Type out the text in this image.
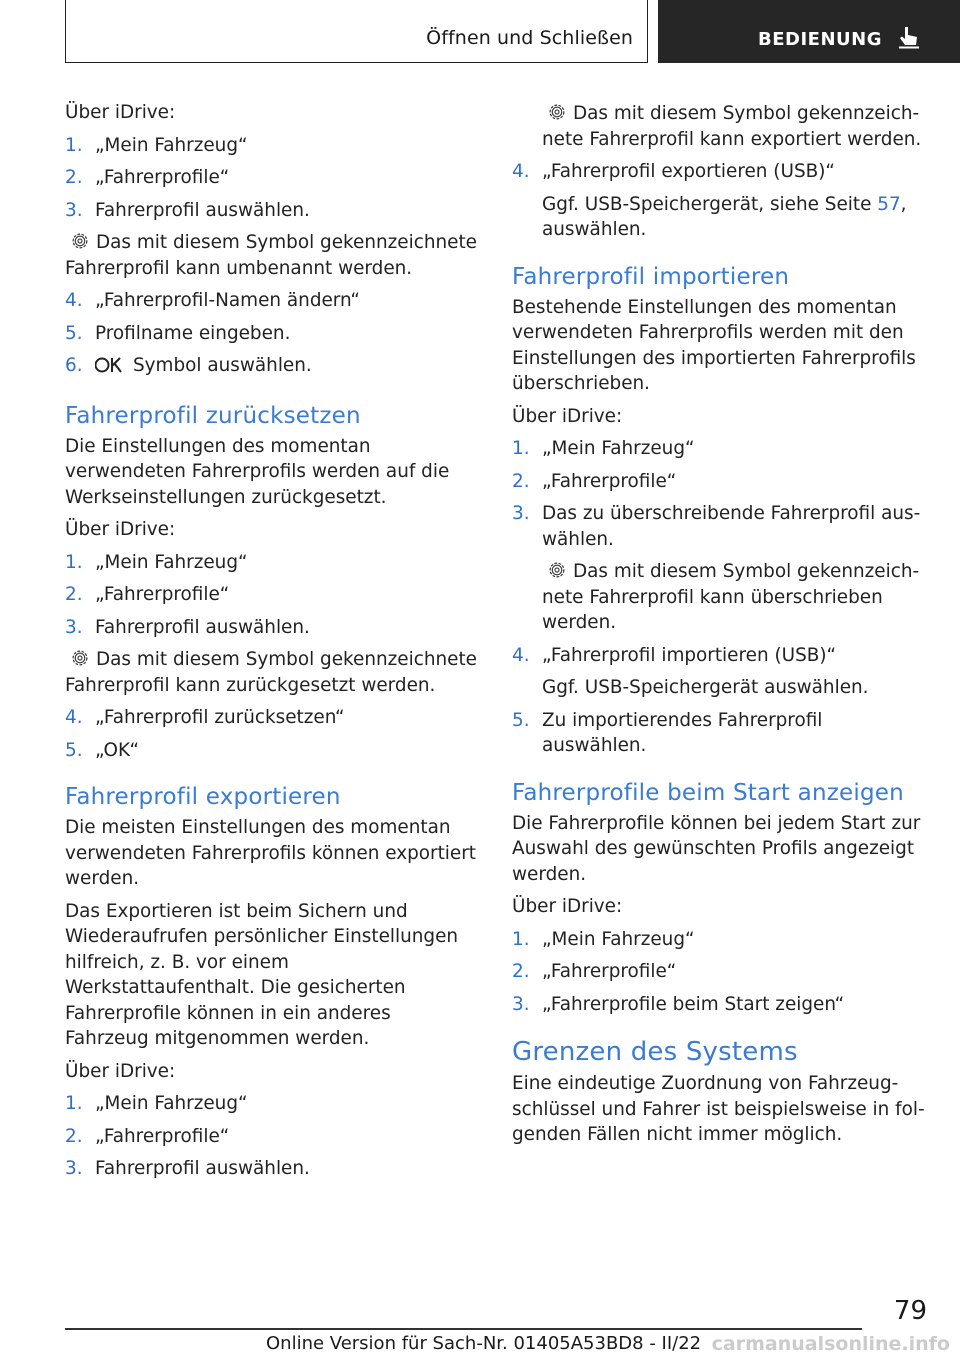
Öffnen und Schließen	BEDIENUNG

Über iDrive:

1. „Mein Fahrzeug“
2. „Fahrerprofile“
3. Fahrerprofil auswählen.

Das mit diesem Symbol gekennzeichnete Fahrerprofil kann umbenannt werden.

4. „Fahrerprofil-Namen ändern“
5. Profilname eingeben.
6.	Symbol auswählen.
Fahrerprofil zurücksetzen

Die Einstellungen des momentan verwendeten Fahrerprofils werden auf die Werkseinstellungen zurückgesetzt.

Über iDrive:

1. „Mein Fahrzeug“
2. „Fahrerprofile“
3. Fahrerprofil auswählen.

Das mit diesem Symbol gekennzeichnete Fahrerprofil kann zurückgesetzt werden.

4. „Fahrerprofil zurücksetzen“
5. „OK“
Fahrerprofil exportieren

Die meisten Einstellungen des momentan verwendeten Fahrerprofils können exportiert werden.

Das Exportieren ist beim Sichern und Wiederaufrufen persönlicher Einstellungen hilfreich, z. B. vor einem Werkstattaufenthalt. Die gesicherten Fahrerprofile können in ein anderes Fahrzeug mitgenommen werden.

Über iDrive:

1. „Mein Fahrzeug“
2. „Fahrerprofile“
3. Fahrerprofil auswählen.

Das mit diesem Symbol gekennzeichnete Fahrerprofil kann exportiert werden.

4. „Fahrerprofil exportieren (USB)“

Ggf. USB-Speichergerät, siehe Seite 57, auswählen.

Fahrerprofil importieren

Bestehende Einstellungen des momentan verwendeten Fahrerprofils werden mit den Einstellungen des importierten Fahrerprofils überschrieben.

Über iDrive:

1. „Mein Fahrzeug“
2. „Fahrerprofile“
3. Das zu überschreibende Fahrerprofil auswählen.

Das mit diesem Symbol gekennzeichnete Fahrerprofil kann überschrieben werden.

4. „Fahrerprofil importieren (USB)“

Ggf. USB-Speichergerät auswählen.

5. Zu importierendes Fahrerprofil auswählen.
Fahrerprofile beim Start anzeigen

Die Fahrerprofile können bei jedem Start zur Auswahl des gewünschten Profils angezeigt werden.

Über iDrive:

1. „Mein Fahrzeug“
2. „Fahrerprofile“
3. „Fahrerprofile beim Start zeigen“
Grenzen des Systems

Eine eindeutige Zuordnung von Fahrzeugschlüssel und Fahrer ist beispielsweise in folgenden Fällen nicht immer möglich.

79
Online Version für Sach-Nr. 01405A53BD8 - II/22 carmanualsonline.info
